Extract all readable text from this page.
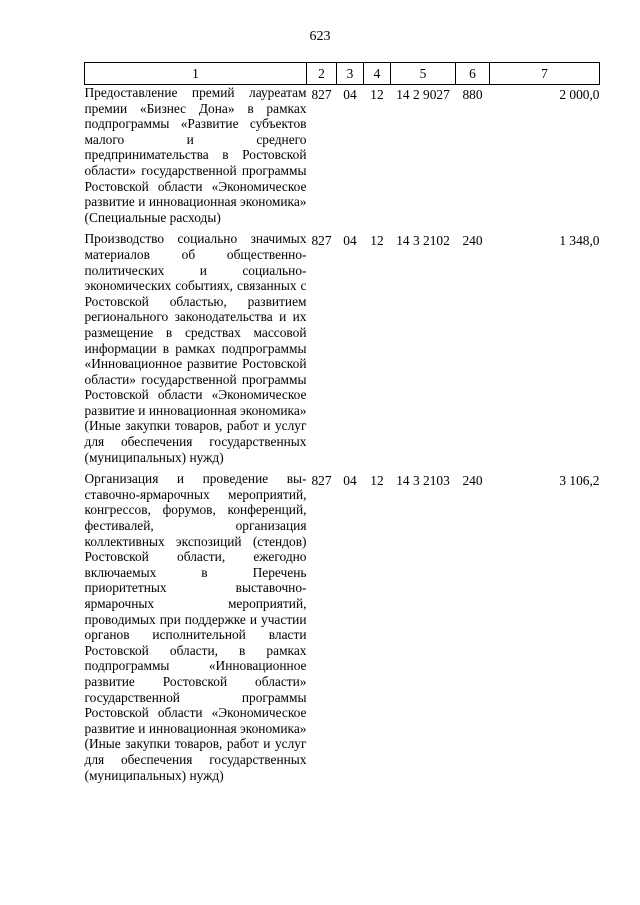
623
1	2	3	4	5	6	7
Предоставление премий лауреатам премии «Бизнес Дона» в рамках подпрограммы «Развитие субъектов малого и среднего предпринимательства в Ростовской области» государственной программы Ростовской области «Экономическое развитие и инновационная экономика» (Специальные расходы)	827	04	12	14 2 9027	880	2 000,0
Производство социально значимых материалов об общественно-политических и социально-экономических событиях, связанных с Ростовской областью, развитием регионального законодательства и их размещение в средствах массовой информации в рамках подпрограммы «Инновационное развитие Ростовской области» государственной программы Ростовской области «Экономическое развитие и инновационная экономика» (Иные закупки товаров, работ и услуг для обеспечения государственных (муниципальных) нужд)	827	04	12	14 3 2102	240	1 348,0
Организация и проведение выставочно-ярмарочных мероприятий, конгрессов, форумов, конференций, фестивалей, организация коллективных экспозиций (стендов) Ростовской области, ежегодно включаемых в Перечень приоритетных выставочно-ярмарочных мероприятий, проводимых при поддержке и участии органов исполнительной власти Ростовской области, в рамках подпрограммы «Инновационное развитие Ростовской области» государственной программы Ростовской области «Экономическое развитие и инновационная экономика» (Иные закупки товаров, работ и услуг для обеспечения государственных (муниципальных) нужд)	827	04	12	14 3 2103	240	3 106,2
